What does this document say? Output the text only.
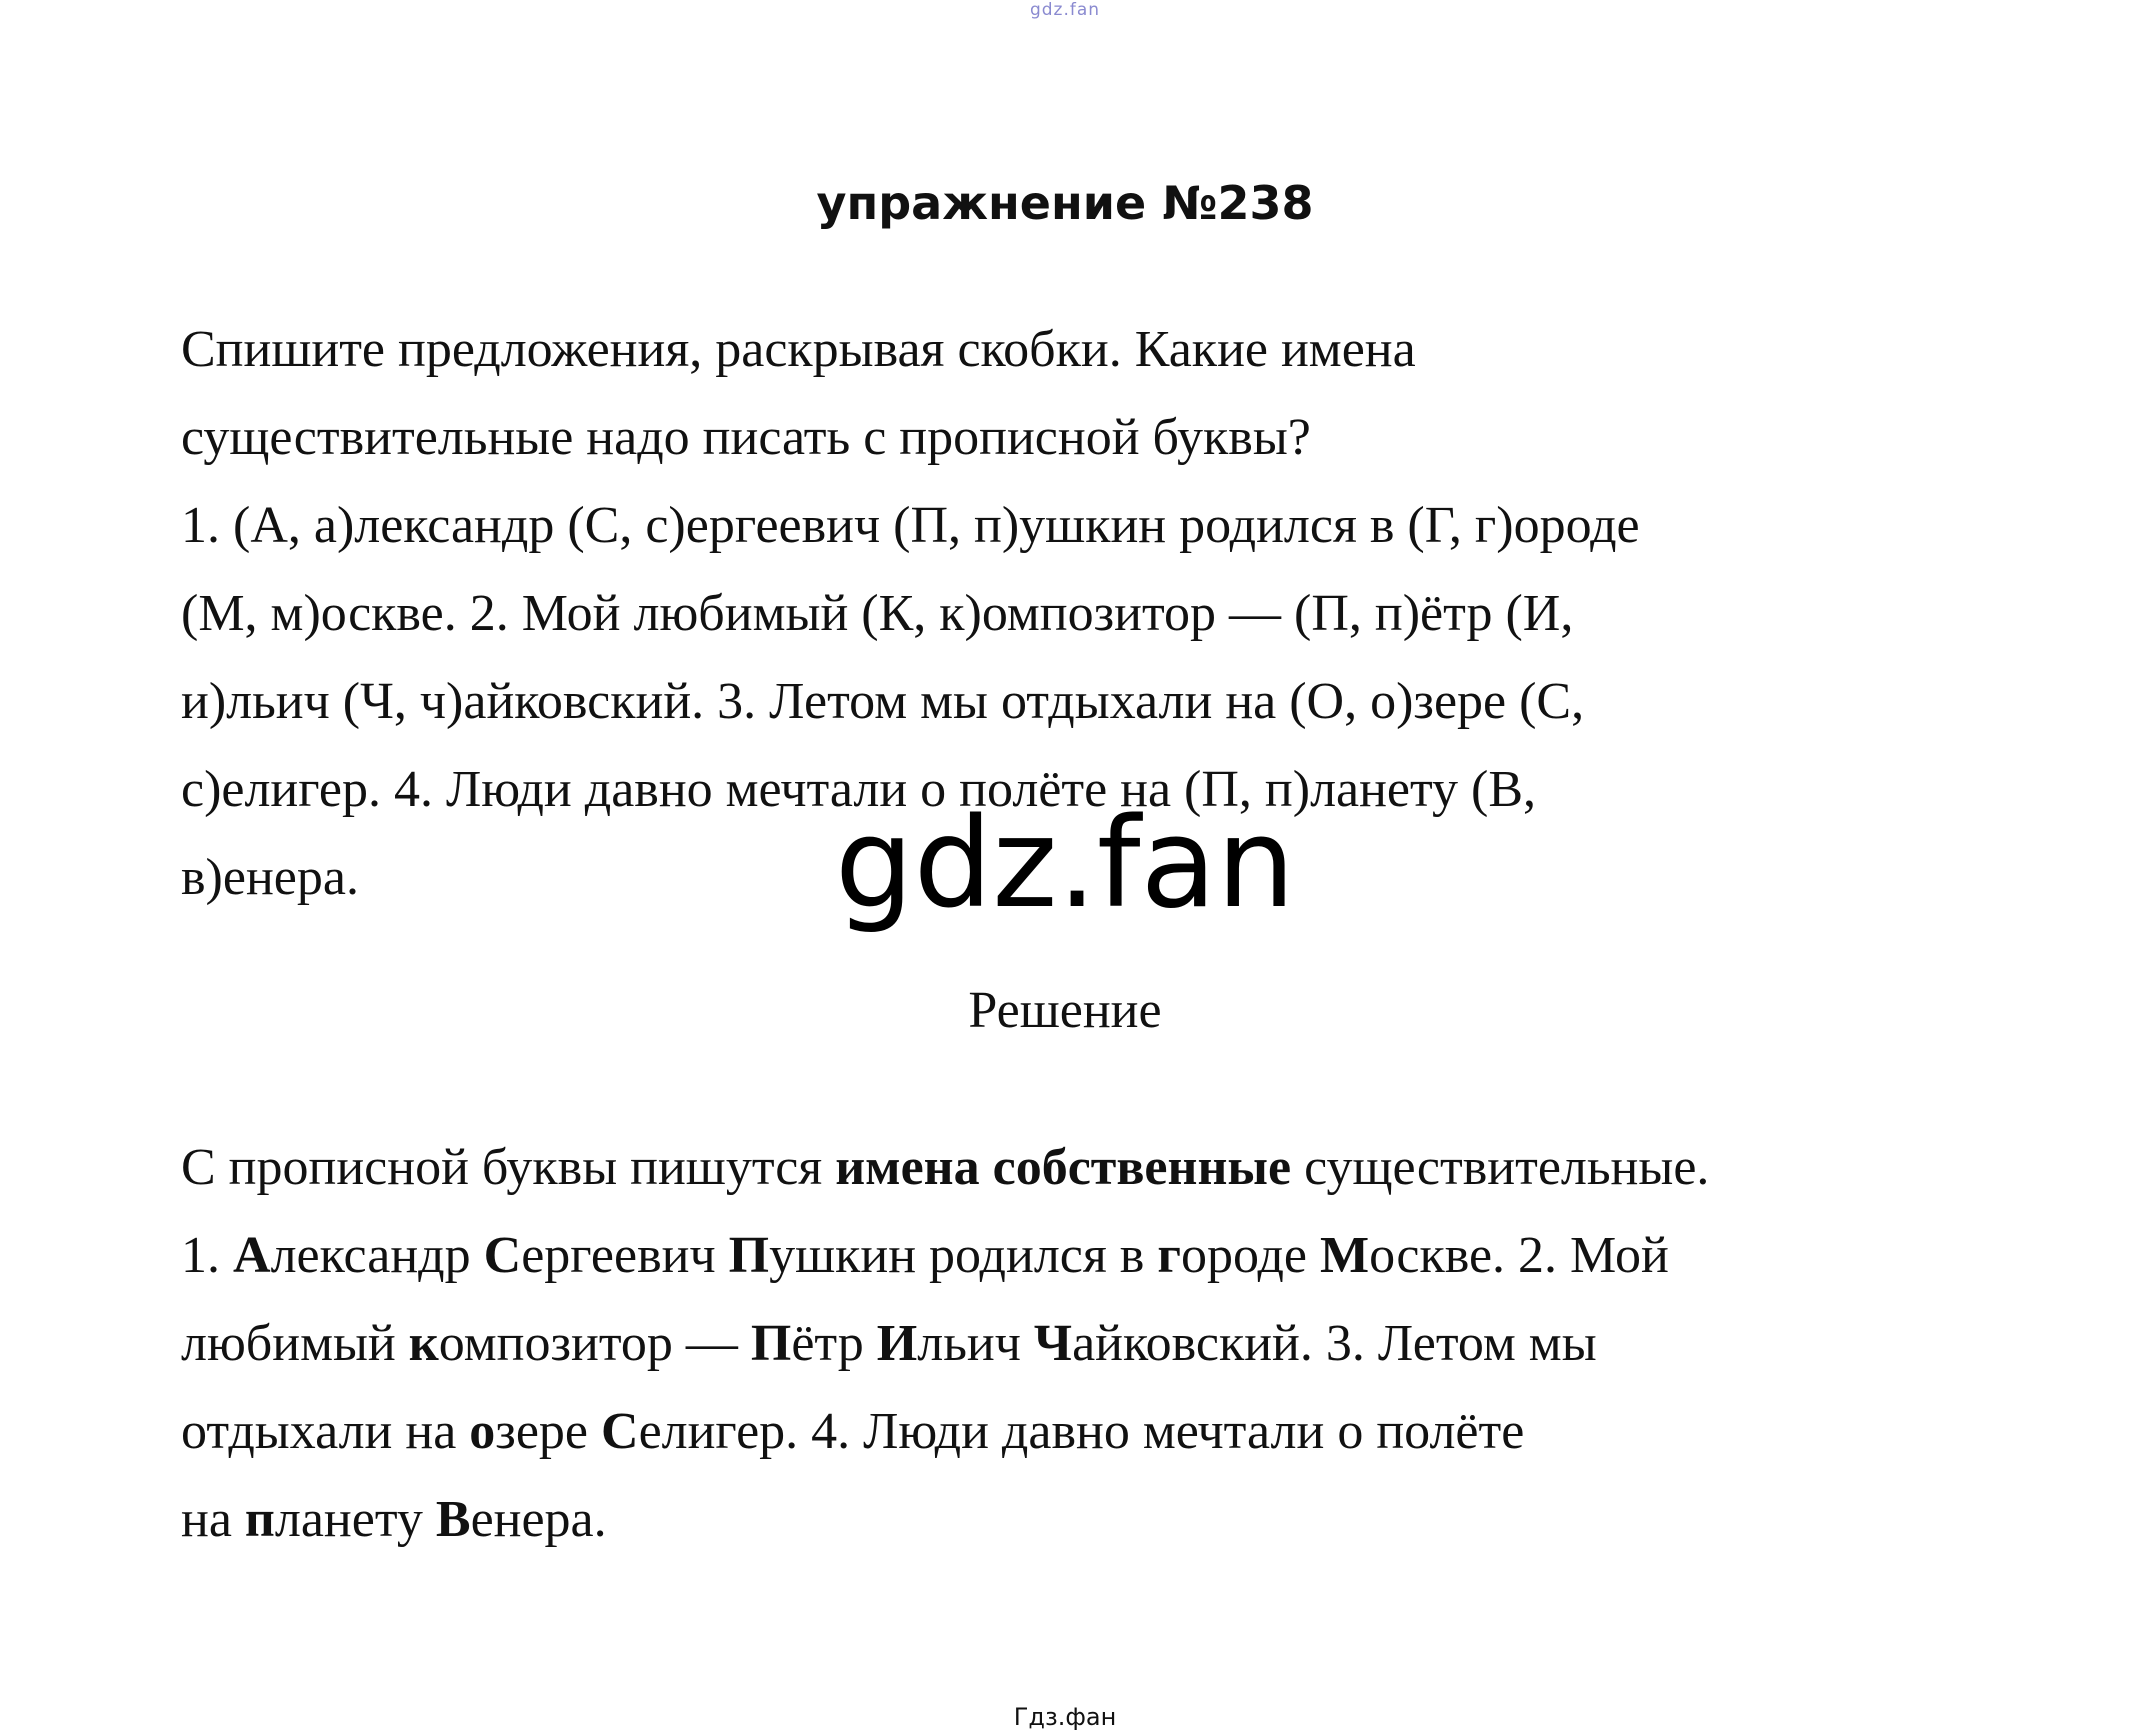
gdz.fan
упражнение №238
Спишите предложения, раскрывая скобки. Какие имена
существительные надо писать с прописной буквы?
1. (А, а)лександр (С, с)ергеевич (П, п)ушкин родился в (Г, г)ороде
(М, м)оскве. 2. Мой любимый (К, к)омпозитор — (П, п)ётр (И,
и)льич (Ч, ч)айковский. 3. Летом мы отдыхали на (О, о)зере (С,
с)елигер. 4. Люди давно мечтали о полёте на (П, п)ланету (В,
в)енера.	gdz.fan
Решение
С прописной буквы пишутся имена собственные существительные.
1. Александр Сергеевич Пушкин родился в городе Москве. 2. Мой
любимый композитор — Пётр Ильич Чайковский. 3. Летом мы
отдыхали на озере Селигер. 4. Люди давно мечтали о полёте
на планету Венера.
Гдз.фан
